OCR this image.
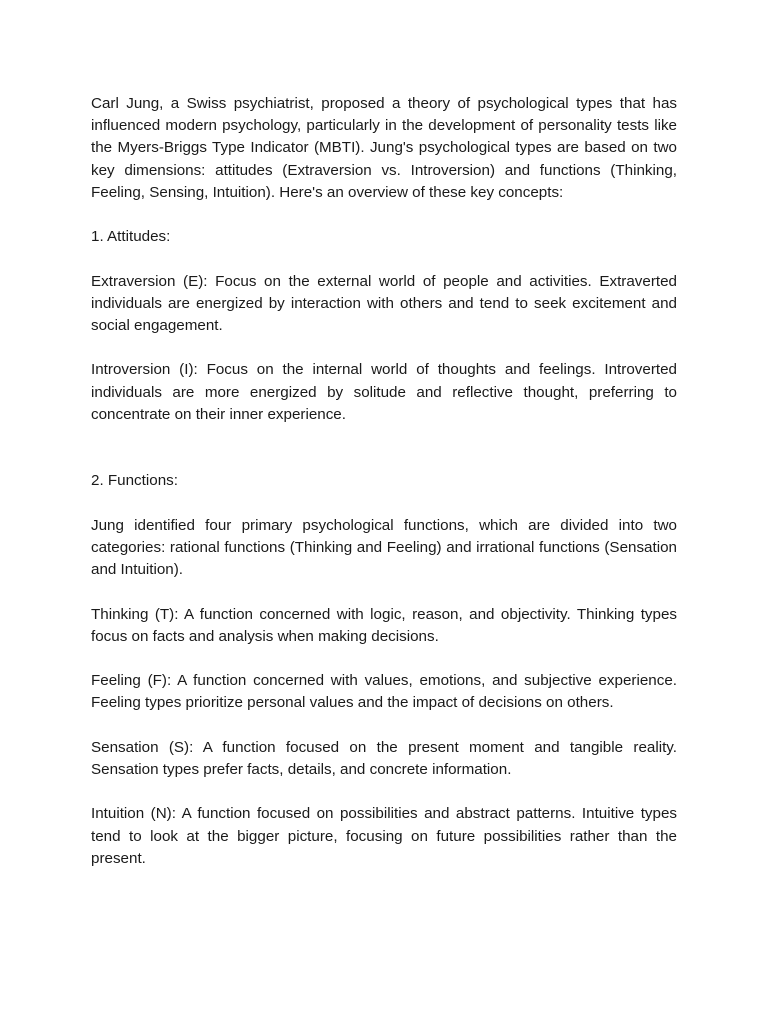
Carl Jung, a Swiss psychiatrist, proposed a theory of psychological types that has influenced modern psychology, particularly in the development of personality tests like the Myers-Briggs Type Indicator (MBTI). Jung's psychological types are based on two key dimensions: attitudes (Extraversion vs. Introversion) and functions (Thinking, Feeling, Sensing, Intuition). Here's an overview of these key concepts:

1. Attitudes:

Extraversion (E): Focus on the external world of people and activities. Extraverted individuals are energized by interaction with others and tend to seek excitement and social engagement.

Introversion (I): Focus on the internal world of thoughts and feelings. Introverted individuals are more energized by solitude and reflective thought, preferring to concentrate on their inner experience.

2. Functions:

Jung identified four primary psychological functions, which are divided into two categories: rational functions (Thinking and Feeling) and irrational functions (Sensation and Intuition).

Thinking (T): A function concerned with logic, reason, and objectivity. Thinking types focus on facts and analysis when making decisions.

Feeling (F): A function concerned with values, emotions, and subjective experience. Feeling types prioritize personal values and the impact of decisions on others.

Sensation (S): A function focused on the present moment and tangible reality. Sensation types prefer facts, details, and concrete information.

Intuition (N): A function focused on possibilities and abstract patterns. Intuitive types tend to look at the bigger picture, focusing on future possibilities rather than the present.
